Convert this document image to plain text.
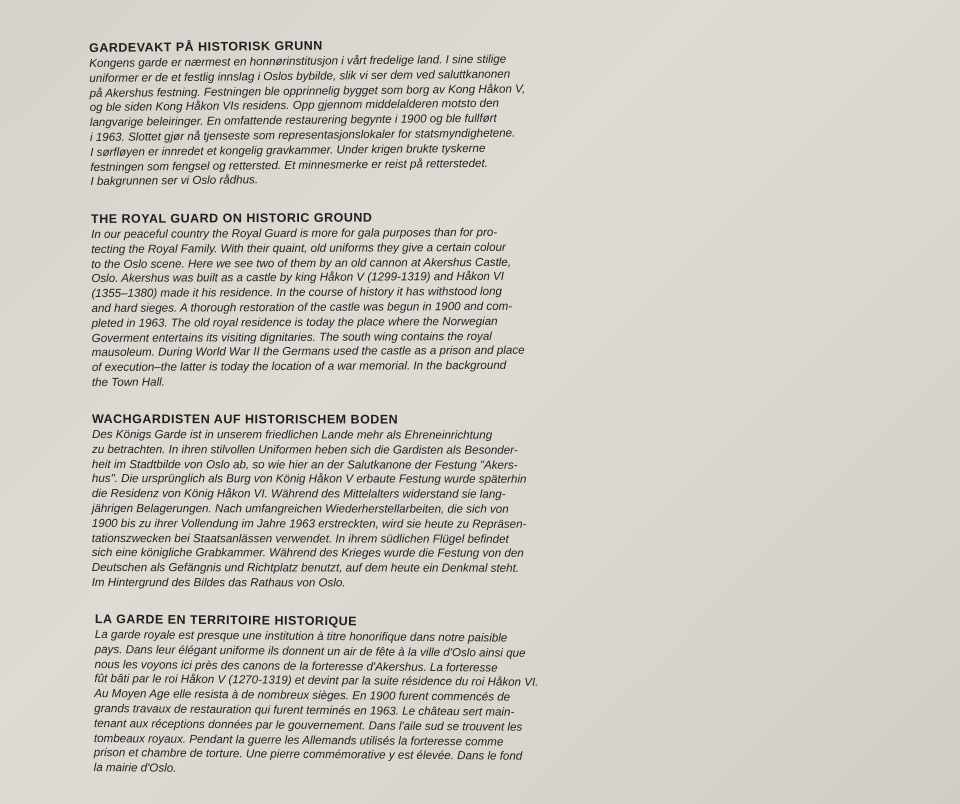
GARDEVAKT PÅ HISTORISK GRUNN
Kongens garde er nærmest en honnørinstitusjon i vårt fredelige land. I sine stilige
uniformer er de et festlig innslag i Oslos bybilde, slik vi ser dem ved saluttkanonen
på Akershus festning. Festningen ble opprinnelig bygget som borg av Kong Håkon V,
og ble siden Kong Håkon VIs residens. Opp gjennom middelalderen motsto den
langvarige beleiringer. En omfattende restaurering begynte i 1900 og ble fullført
i 1963. Slottet gjør nå tjenseste som representasjonslokaler for statsmyndighetene.
I sørfløyen er innredet et kongelig gravkammer. Under krigen brukte tyskerne
festningen som fengsel og rettersted. Et minnesmerke er reist på retterstedet.
I bakgrunnen ser vi Oslo rådhus.
THE ROYAL GUARD ON HISTORIC GROUND
In our peaceful country the Royal Guard is more for gala purposes than for pro-
tecting the Royal Family. With their quaint, old uniforms they give a certain colour
to the Oslo scene. Here we see two of them by an old cannon at Akershus Castle,
Oslo. Akershus was built as a castle by king Håkon V (1299-1319) and Håkon VI
(1355–1380) made it his residence. In the course of history it has withstood long
and hard sieges. A thorough restoration of the castle was begun in 1900 and com-
pleted in 1963. The old royal residence is today the place where the Norwegian
Goverment entertains its visiting dignitaries. The south wing contains the royal
mausoleum. During World War II the Germans used the castle as a prison and place
of execution–the latter is today the location of a war memorial. In the background
the Town Hall.
WACHGARDISTEN AUF HISTORISCHEM BODEN
Des Königs Garde ist in unserem friedlichen Lande mehr als Ehreneinrichtung
zu betrachten. In ihren stilvollen Uniformen heben sich die Gardisten als Besonder-
heit im Stadtbilde von Oslo ab, so wie hier an der Salutkanone der Festung "Akers-
hus". Die ursprünglich als Burg von König Håkon V erbaute Festung wurde späterhin
die Residenz von König Håkon VI. Während des Mittelalters widerstand sie lang-
jährigen Belagerungen. Nach umfangreichen Wiederherstellarbeiten, die sich von
1900 bis zu ihrer Vollendung im Jahre 1963 erstreckten, wird sie heute zu Repräsen-
tationszwecken bei Staatsanlässen verwendet. In ihrem südlichen Flügel befindet
sich eine königliche Grabkammer. Während des Krieges wurde die Festung von den
Deutschen als Gefängnis und Richtplatz benutzt, auf dem heute ein Denkmal steht.
Im Hintergrund des Bildes das Rathaus von Oslo.
LA GARDE EN TERRITOIRE HISTORIQUE
La garde royale est presque une institution à titre honorifique dans notre paisible
pays. Dans leur élégant uniforme ils donnent un air de fête à la ville d'Oslo ainsi que
nous les voyons ici près des canons de la forteresse d'Akershus. La forteresse
fût bâti par le roi Håkon V (1270-1319) et devint par la suite résidence du roi Håkon VI.
Au Moyen Age elle resista à de nombreux sièges. En 1900 furent commencés de
grands travaux de restauration qui furent terminés en 1963. Le château sert main-
tenant aux réceptions données par le gouvernement. Dans l'aile sud se trouvent les
tombeaux royaux. Pendant la guerre les Allemands utilisés la forteresse comme
prison et chambre de torture. Une pierre commémorative y est élevée. Dans le fond
la mairie d'Oslo.
